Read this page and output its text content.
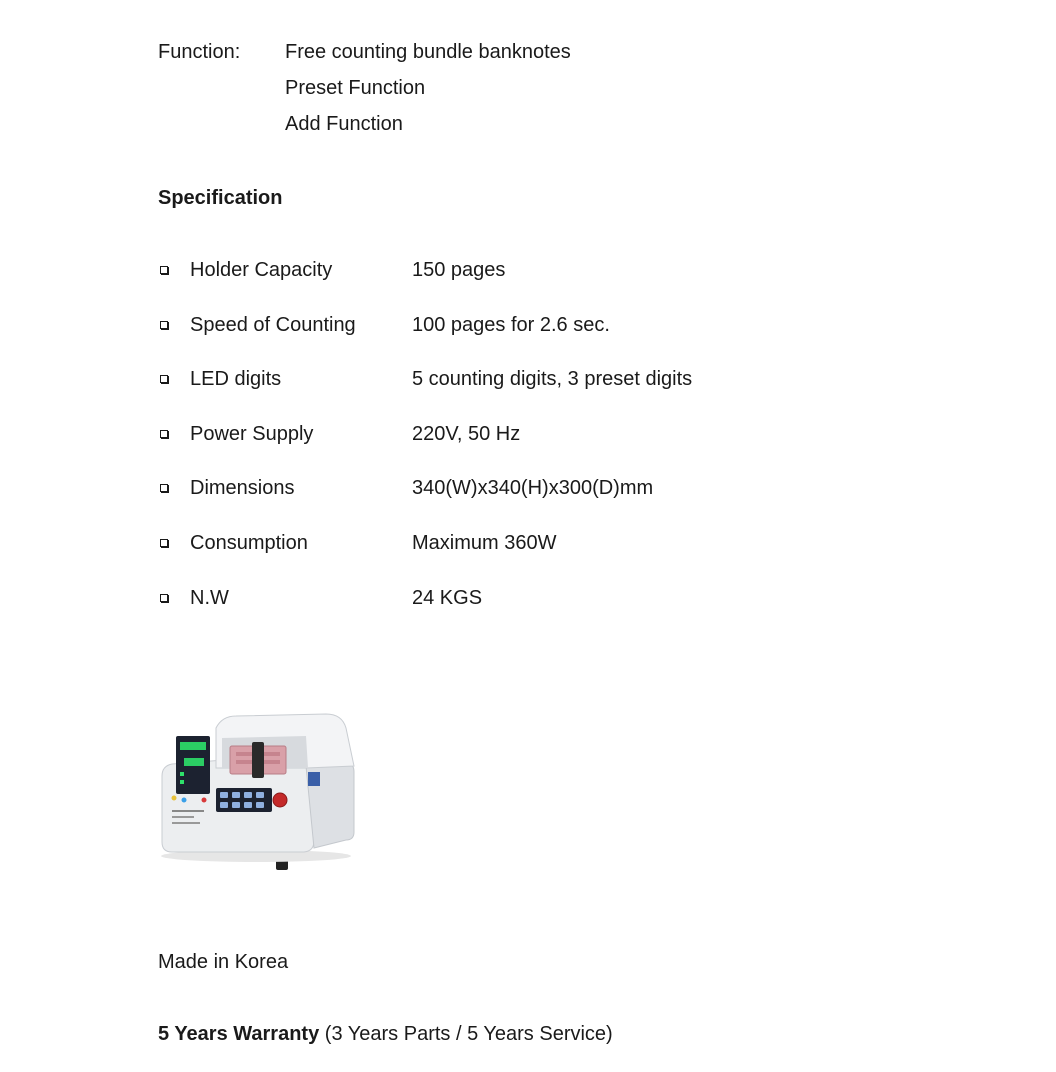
Function: Free counting bundle banknotes
Preset Function
Add Function
Specification
Holder Capacity	150 pages
Speed of Counting	100 pages for 2.6 sec.
LED digits	5 counting digits, 3 preset digits
Power Supply	220V, 50 Hz
Dimensions	340(W)x340(H)x300(D)mm
Consumption	Maximum 360W
N.W	24 KGS
Made in Korea
5 Years Warranty (3 Years Parts / 5 Years Service)
